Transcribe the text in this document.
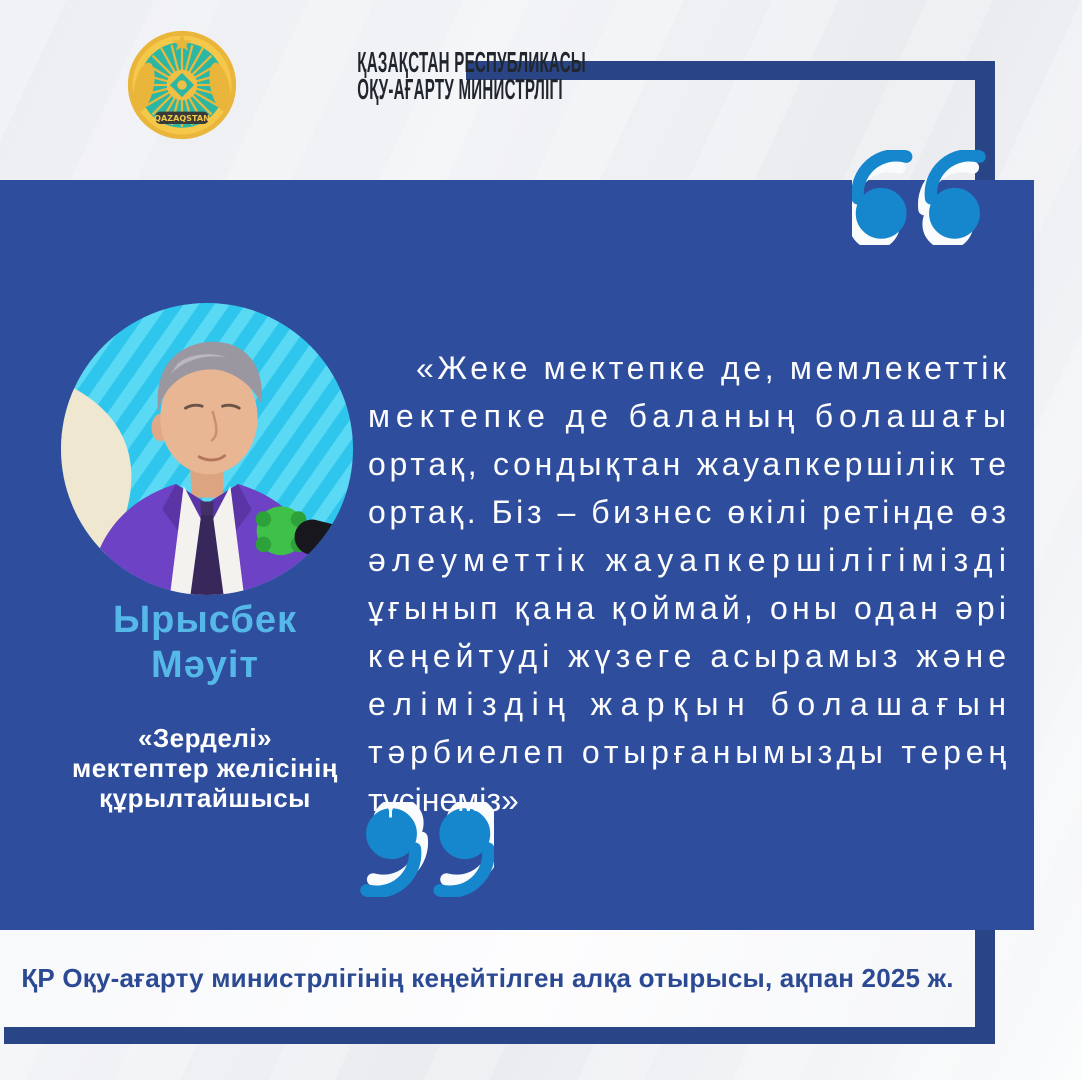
QAZAQSTAN
ҚАЗАҚСТАН РЕСПУБЛИКАСЫ
ОҚУ-АҒАРТУ МИНИСТРЛІГІ
Ырысбек
Мәуіт
«Зерделі»
мектептер желісінің
құрылтайшысы
«Жеке мектепке де, мемлекеттік
мектепке де баланың болашағы
ортақ, сондықтан жауапкершілік те
ортақ. Біз – бизнес өкілі ретінде өз
әлеуметтік жауапкершілігімізді
ұғынып қана қоймай, оны одан әрі
кеңейтуді жүзеге асырамыз және
еліміздің жарқын болашағын
тәрбиелеп отырғанымызды терең
түсінеміз»
ҚР Оқу-ағарту министрлігінің кеңейтілген алқа отырысы, ақпан 2025 ж.
